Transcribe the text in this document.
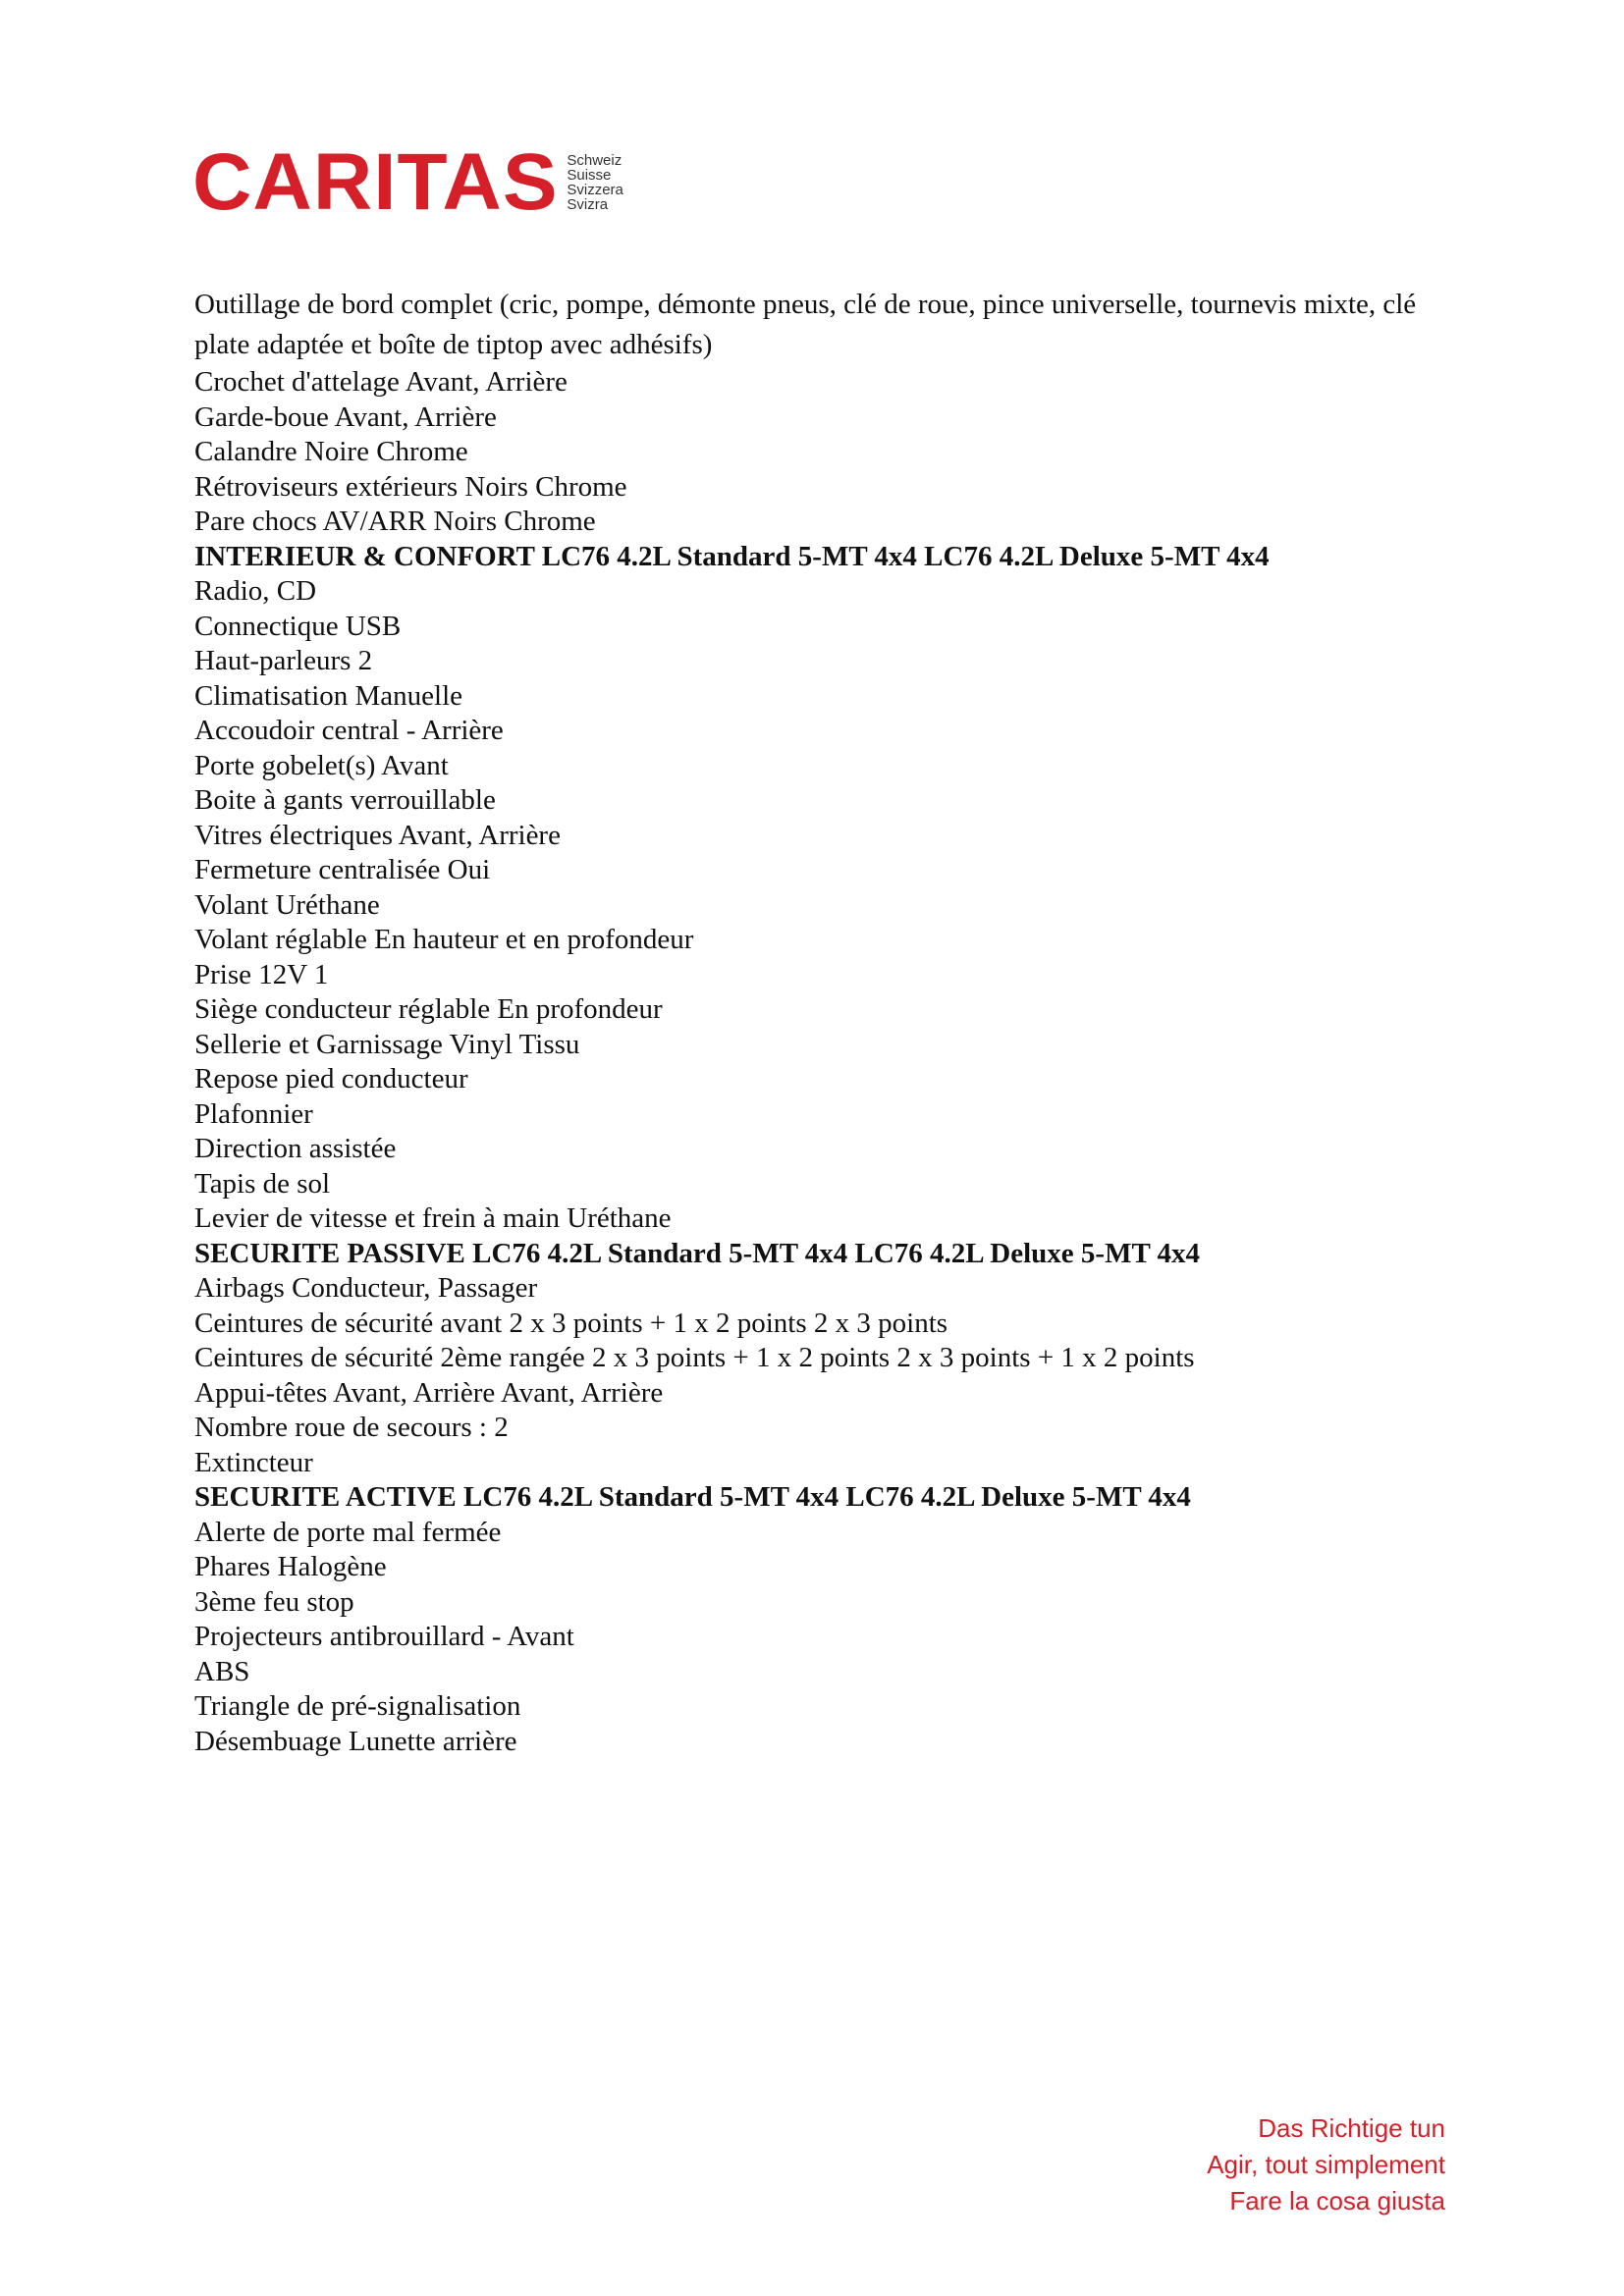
CARITAS Schweiz
Suisse
Svizzera
Svizra

Outillage de bord complet (cric, pompe, démonte pneus, clé de roue, pince universelle, tournevis mixte, clé plate adaptée et boîte de tiptop avec adhésifs)

Crochet d'attelage Avant, Arrière
Garde-boue Avant, Arrière
Calandre Noire Chrome
Rétroviseurs extérieurs Noirs Chrome
Pare chocs AV/ARR Noirs Chrome
INTERIEUR & CONFORT LC76 4.2L Standard 5-MT 4x4 LC76 4.2L Deluxe 5-MT 4x4
Radio, CD
Connectique USB
Haut-parleurs 2
Climatisation Manuelle
Accoudoir central - Arrière
Porte gobelet(s) Avant
Boite à gants verrouillable
Vitres électriques Avant, Arrière
Fermeture centralisée Oui
Volant Uréthane
Volant réglable En hauteur et en profondeur
Prise 12V 1
Siège conducteur réglable En profondeur
Sellerie et Garnissage Vinyl Tissu
Repose pied conducteur
Plafonnier
Direction assistée
Tapis de sol
Levier de vitesse et frein à main Uréthane
SECURITE PASSIVE LC76 4.2L Standard 5-MT 4x4 LC76 4.2L Deluxe 5-MT 4x4
Airbags Conducteur, Passager
Ceintures de sécurité avant 2 x 3 points + 1 x 2 points 2 x 3 points
Ceintures de sécurité 2ème rangée 2 x 3 points + 1 x 2 points 2 x 3 points + 1 x 2 points
Appui-têtes Avant, Arrière Avant, Arrière
Nombre roue de secours : 2
Extincteur
SECURITE ACTIVE LC76 4.2L Standard 5-MT 4x4 LC76 4.2L Deluxe 5-MT 4x4
Alerte de porte mal fermée
Phares Halogène
3ème feu stop
Projecteurs antibrouillard - Avant
ABS
Triangle de pré-signalisation
Désembuage Lunette arrière
Das Richtige tun
Agir, tout simplement
Fare la cosa giusta
